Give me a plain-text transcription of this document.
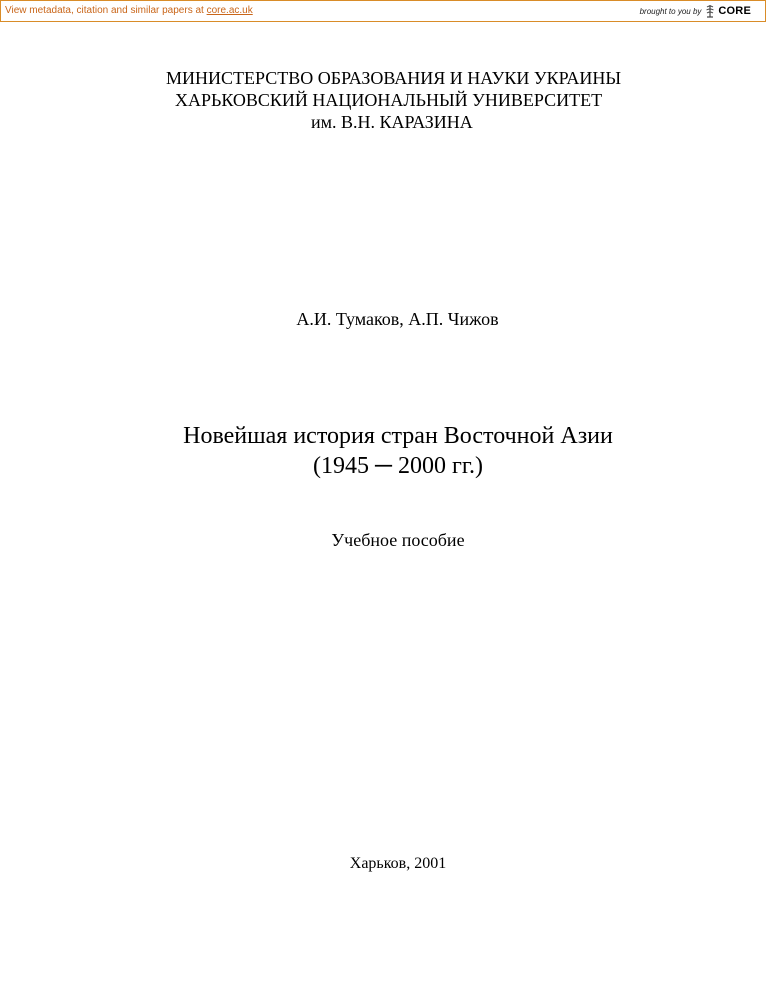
View metadata, citation and similar papers at core.ac.uk	brought to you by CORE
МИНИСТЕРСТВО ОБРАЗОВАНИЯ И НАУКИ УКРАИНЫ
ХАРЬКОВСКИЙ НАЦИОНАЛЬНЫЙ УНИВЕРСИТЕТ
им. В.Н. КАРАЗИНА
А.И. Тумаков, А.П. Чижов
Новейшая история стран Восточной Азии
(1945 ─ 2000 гг.)
Учебное пособие
Харьков, 2001
